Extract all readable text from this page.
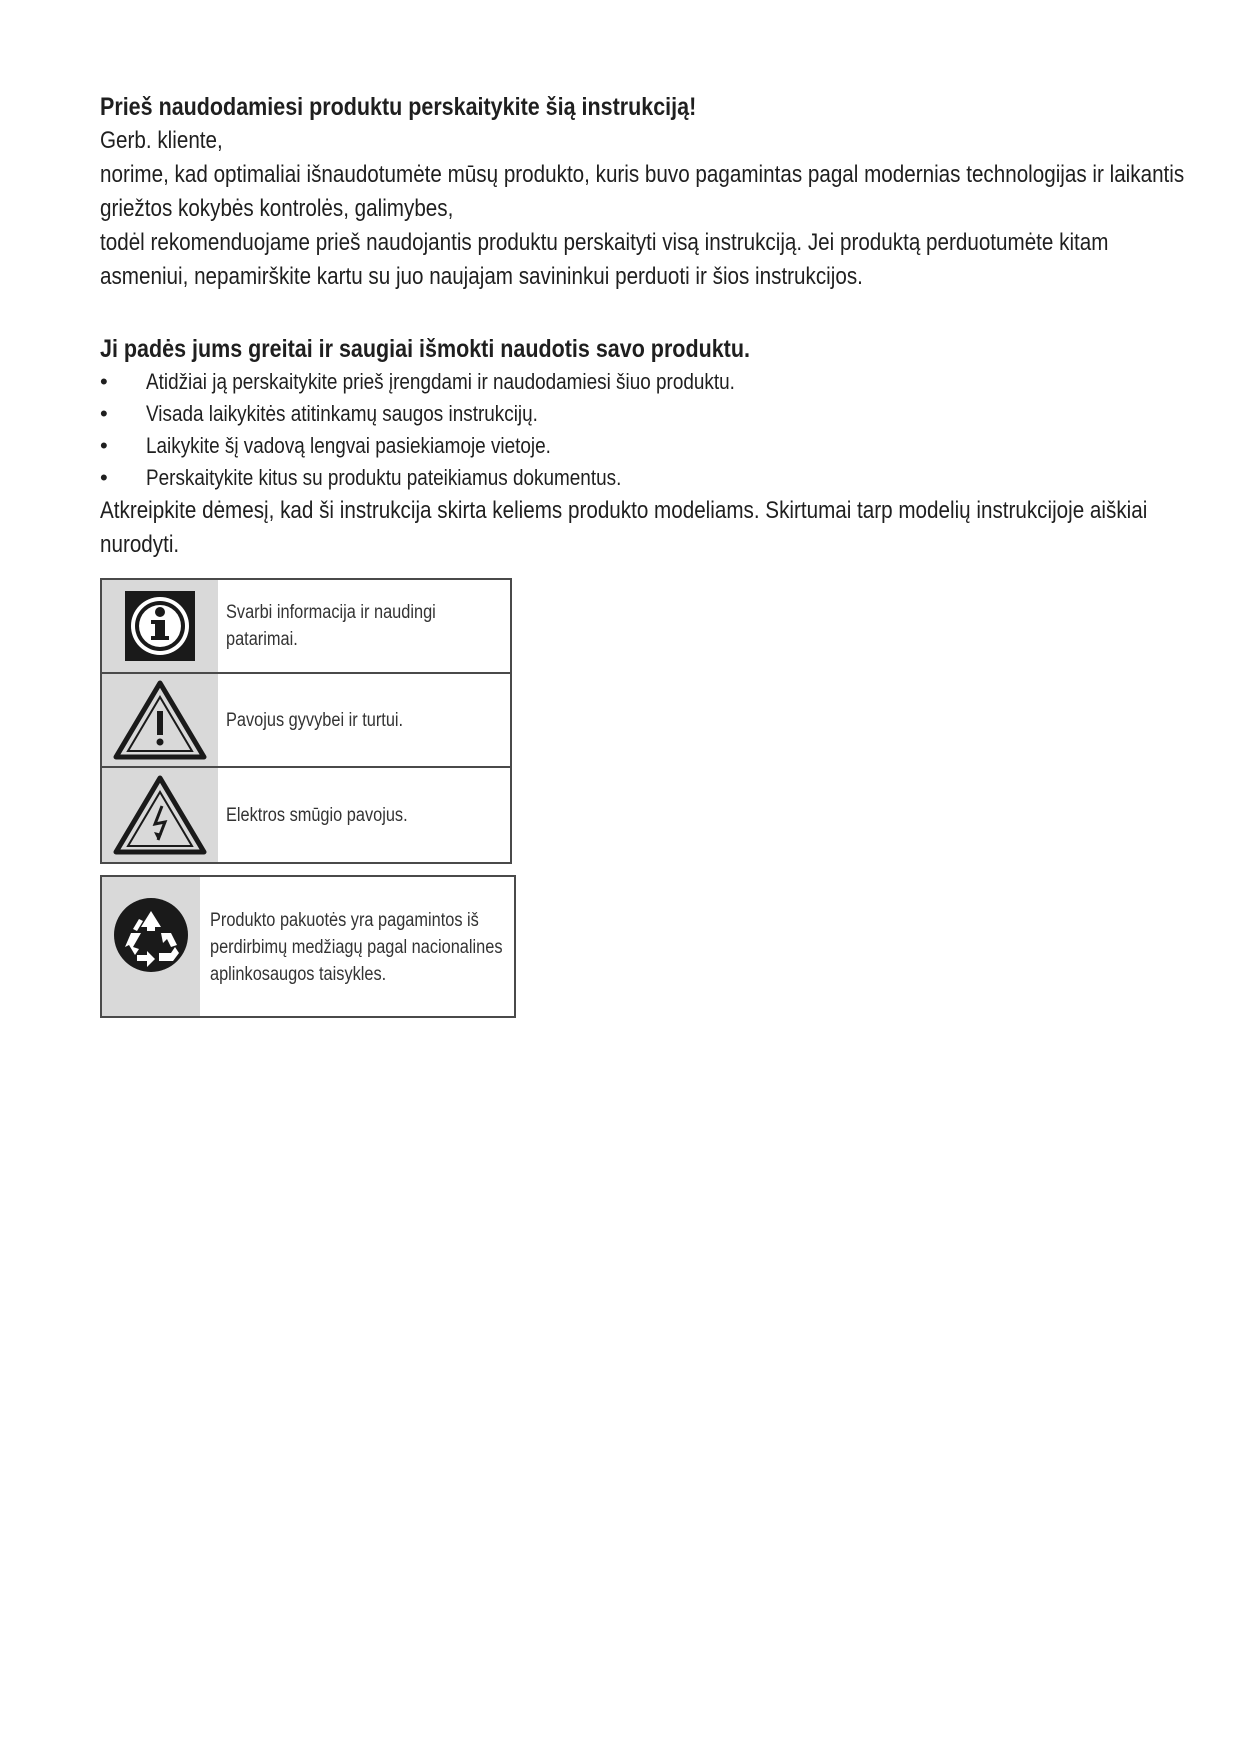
Prieš naudodamiesi produktu perskaitykite šią instrukciją!

Gerb. kliente,

norime, kad optimaliai išnaudotumėte mūsų produkto, kuris buvo pagamintas pagal modernias technologijas ir laikantis griežtos kokybės kontrolės, galimybes,

todėl rekomenduojame prieš naudojantis produktu perskaityti visą instrukciją. Jei produktą perduotumėte kitam asmeniui, nepamirškite kartu su juo naujajam savininkui perduoti ir šios instrukcijos.

Ji padės jums greitai ir saugiai išmokti naudotis savo produktu.

• Atidžiai ją perskaitykite prieš įrengdami ir naudodamiesi šiuo produktu.
• Visada laikykitės atitinkamų saugos instrukcijų.
• Laikykite šį vadovą lengvai pasiekiamoje vietoje.
• Perskaitykite kitus su produktu pateikiamus dokumentus.

Atkreipkite dėmesį, kad ši instrukcija skirta keliems produkto modeliams. Skirtumai tarp modelių instrukcijoje aiškiai nurodyti.

Svarbi informacija ir naudingi patarimai.
Pavojus gyvybei ir turtui.
Elektros smūgio pavojus.
Produkto pakuotės yra pagamintos iš perdirbimų medžiagų pagal nacionalines aplinkosaugos taisykles.
